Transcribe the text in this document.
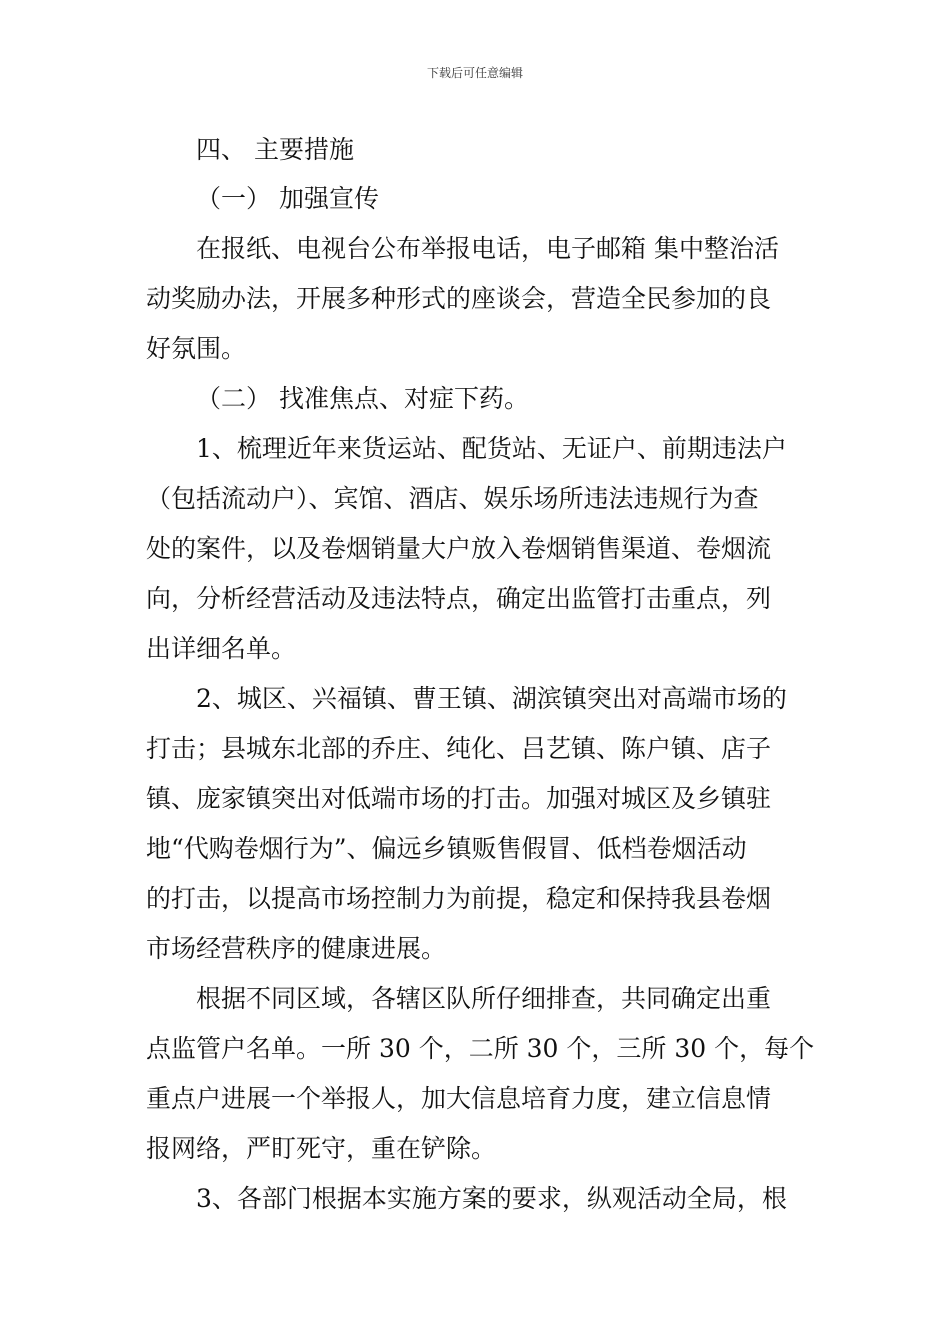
下载后可任意编辑
四、 主要措施
（一） 加强宣传
在报纸、电视台公布举报电话，电子邮箱 集中整治活
动奖励办法，开展多种形式的座谈会，营造全民参加的良
好氛围。
（二） 找准焦点、对症下药。
1、梳理近年来货运站、配货站、无证户、前期违法户
（包括流动户）、宾馆、酒店、娱乐场所违法违规行为查
处的案件，以及卷烟销量大户放入卷烟销售渠道、卷烟流
向，分析经营活动及违法特点，确定出监管打击重点，列
出详细名单。
2、城区、兴福镇、曹王镇、湖滨镇突出对高端市场的
打击；县城东北部的乔庄、纯化、吕艺镇、陈户镇、店子
镇、庞家镇突出对低端市场的打击。加强对城区及乡镇驻
地“代购卷烟行为”、偏远乡镇贩售假冒、低档卷烟活动
的打击，以提高市场控制力为前提，稳定和保持我县卷烟
市场经营秩序的健康进展。
根据不同区域，各辖区队所仔细排查，共同确定出重
点监管户名单。一所 30 个，二所 30 个，三所 30 个，每个
重点户进展一个举报人，加大信息培育力度，建立信息情
报网络，严盯死守，重在铲除。
3、各部门根据本实施方案的要求，纵观活动全局，根
